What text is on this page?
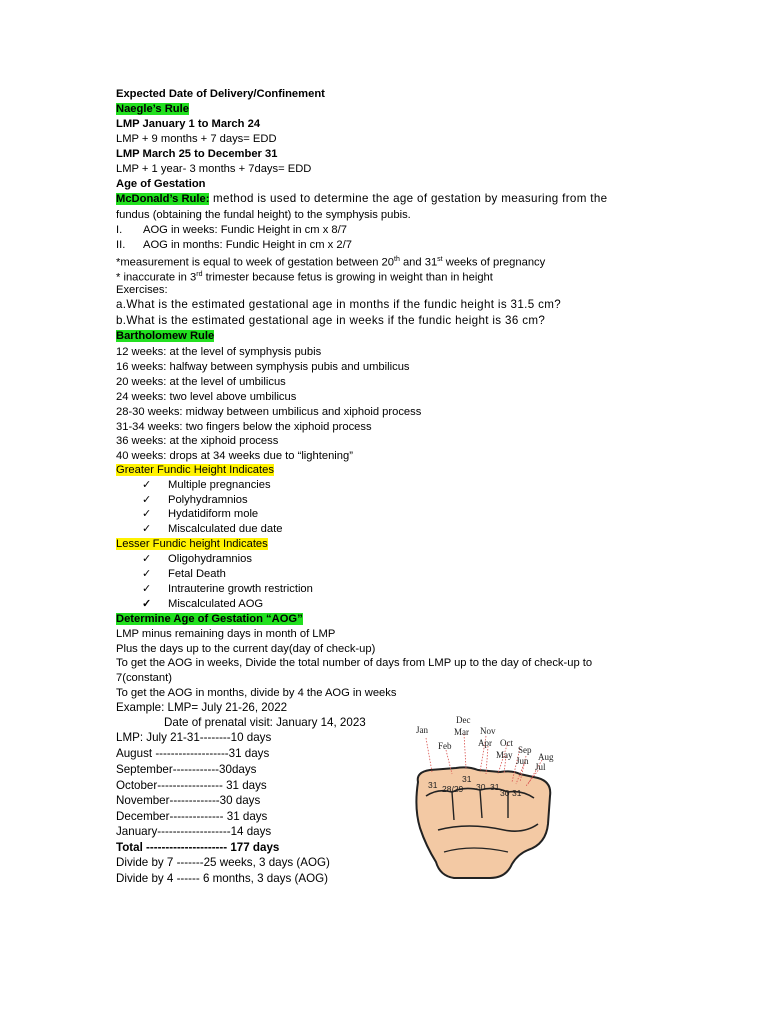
Expected Date of Delivery/Confinement
Naegle’s Rule
LMP January 1 to March 24
LMP + 9 months + 7 days= EDD
LMP March 25 to December 31
LMP + 1 year- 3 months + 7days= EDD
Age of Gestation
McDonald’s Rule: method is used to determine the age of gestation by measuring from the
fundus (obtaining the fundal height) to the symphysis pubis.
I. AOG in weeks: Fundic Height in cm x 8/7
II. AOG in months: Fundic Height in cm x 2/7
*measurement is equal to week of gestation between 20th and 31st weeks of pregnancy
* inaccurate in 3rd trimester because fetus is growing in weight than in height
Exercises:
a.What is the estimated gestational age in months if the fundic height is 31.5 cm?
b.What is the estimated gestational age in weeks if the fundic height is 36 cm?
Bartholomew Rule
12 weeks: at the level of symphysis pubis
16 weeks: halfway between symphysis pubis and umbilicus
20 weeks: at the level of umbilicus
24 weeks: two level above umbilicus
28-30 weeks: midway between umbilicus and xiphoid process
31-34 weeks: two fingers below the xiphoid process
36 weeks: at the xiphoid process
40 weeks: drops at 34 weeks due to “lightening”
Greater Fundic Height Indicates
✓ Multiple pregnancies
✓ Polyhydramnios
✓ Hydatidiform mole
✓ Miscalculated due date
Lesser Fundic height Indicates
✓ Oligohydramnios
✓ Fetal Death
✓ Intrauterine growth restriction
✓ Miscalculated AOG
Determine Age of Gestation “AOG”
LMP minus remaining days in month of LMP
Plus the days up to the current day(day of check-up)
To get the AOG in weeks, Divide the total number of days from LMP up to the day of check-up to
7(constant)
To get the AOG in months, divide by 4 the AOG in weeks
Example: LMP= July 21-26, 2022
Date of prenatal visit: January 14, 2023
LMP: July 21-31--------10 days
August -------------------31 days
September------------30days
October----------------- 31 days
November-------------30 days
December-------------- 31 days
January-------------------14 days
Total --------------------- 177 days
Divide by 7 -------25 weeks, 3 days (AOG)
Divide by 4 ------ 6 months, 3 days (AOG)
Jan
Feb
Mar
Dec
Apr
Nov
May
Oct
Jun
Sep
Jul
Aug
31 28/29
31
30 31
30 31
